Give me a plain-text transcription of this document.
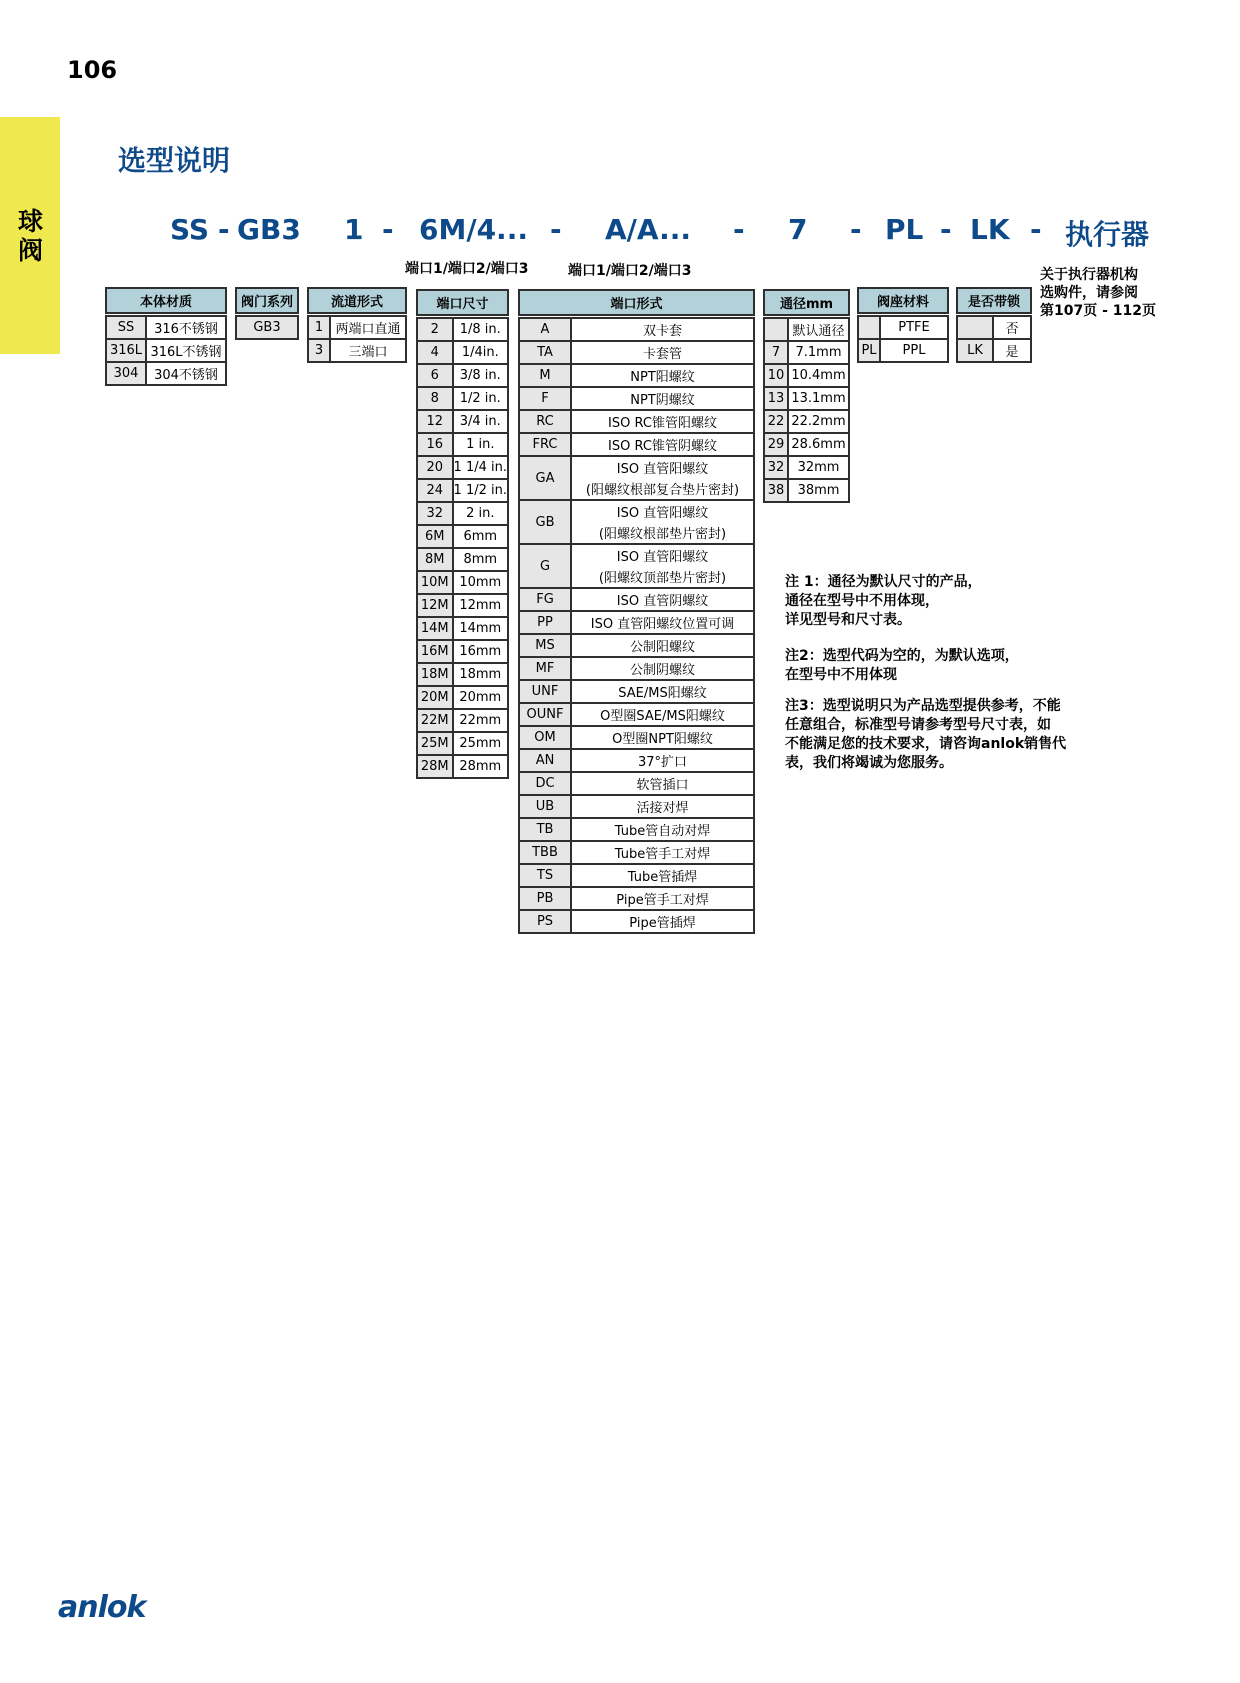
106
球
阀
选型说明
SS - GB3 1 - 6M/4... - A/A... - 7 - PL - LK - 执行器
端口1/端口2/端口3	端口1/端口2/端口3
本体材质	

SS	316不锈钢
316L	316L不锈钢
304	304不锈钢
阀门系列

GB3
流道形式	

1	两端口直通
3	三端口
端口尺寸	

2	1/8 in.
4	1/4in.
6	3/8 in.
8	1/2 in.
12	3/4 in.
16	1 in.
20	1 1/4 in.
24	1 1/2 in.
32	2 in.
6M	6mm
8M	8mm
10M	10mm
12M	12mm
14M	14mm
16M	16mm
18M	18mm
20M	20mm
22M	22mm
25M	25mm
28M	28mm
端口形式	

A	双卡套
TA	卡套管
M	NPT阳螺纹
F	NPT阴螺纹
RC	ISO RC锥管阳螺纹
FRC	ISO RC锥管阴螺纹
GA	ISO 直管阳螺纹
	(阳螺纹根部复合垫片密封)
GB	ISO 直管阳螺纹
	(阳螺纹根部垫片密封)
G	ISO 直管阳螺纹
	(阳螺纹顶部垫片密封)
FG	ISO 直管阴螺纹
PP	ISO 直管阳螺纹位置可调
MS	公制阳螺纹
MF	公制阴螺纹
UNF	SAE/MS阳螺纹
OUNF	O型圈SAE/MS阳螺纹
OM	O型圈NPT阳螺纹
AN	37°扩口
DC	软管插口
UB	活接对焊
TB	Tube管自动对焊
TBB	Tube管手工对焊
TS	Tube管插焊
PB	Pipe管手工对焊
PS	Pipe管插焊
通径mm	

	默认通径
7	7.1mm
10	10.4mm
13	13.1mm
22	22.2mm
29	28.6mm
32	32mm
38	38mm
阀座材料	

	PTFE
PL	PPL
是否带锁	

	否
LK	是
关于执行器机构
选购件，请参阅
第107页 - 112页
注 1：通径为默认尺寸的产品，
通径在型号中不用体现，
详见型号和尺寸表。
注2：选型代码为空的，为默认选项，
在型号中不用体现
注3：选型说明只为产品选型提供参考，不能
任意组合，标准型号请参考型号尺寸表，如
不能满足您的技术要求，请咨询anlok销售代
表，我们将竭诚为您服务。
anlok
